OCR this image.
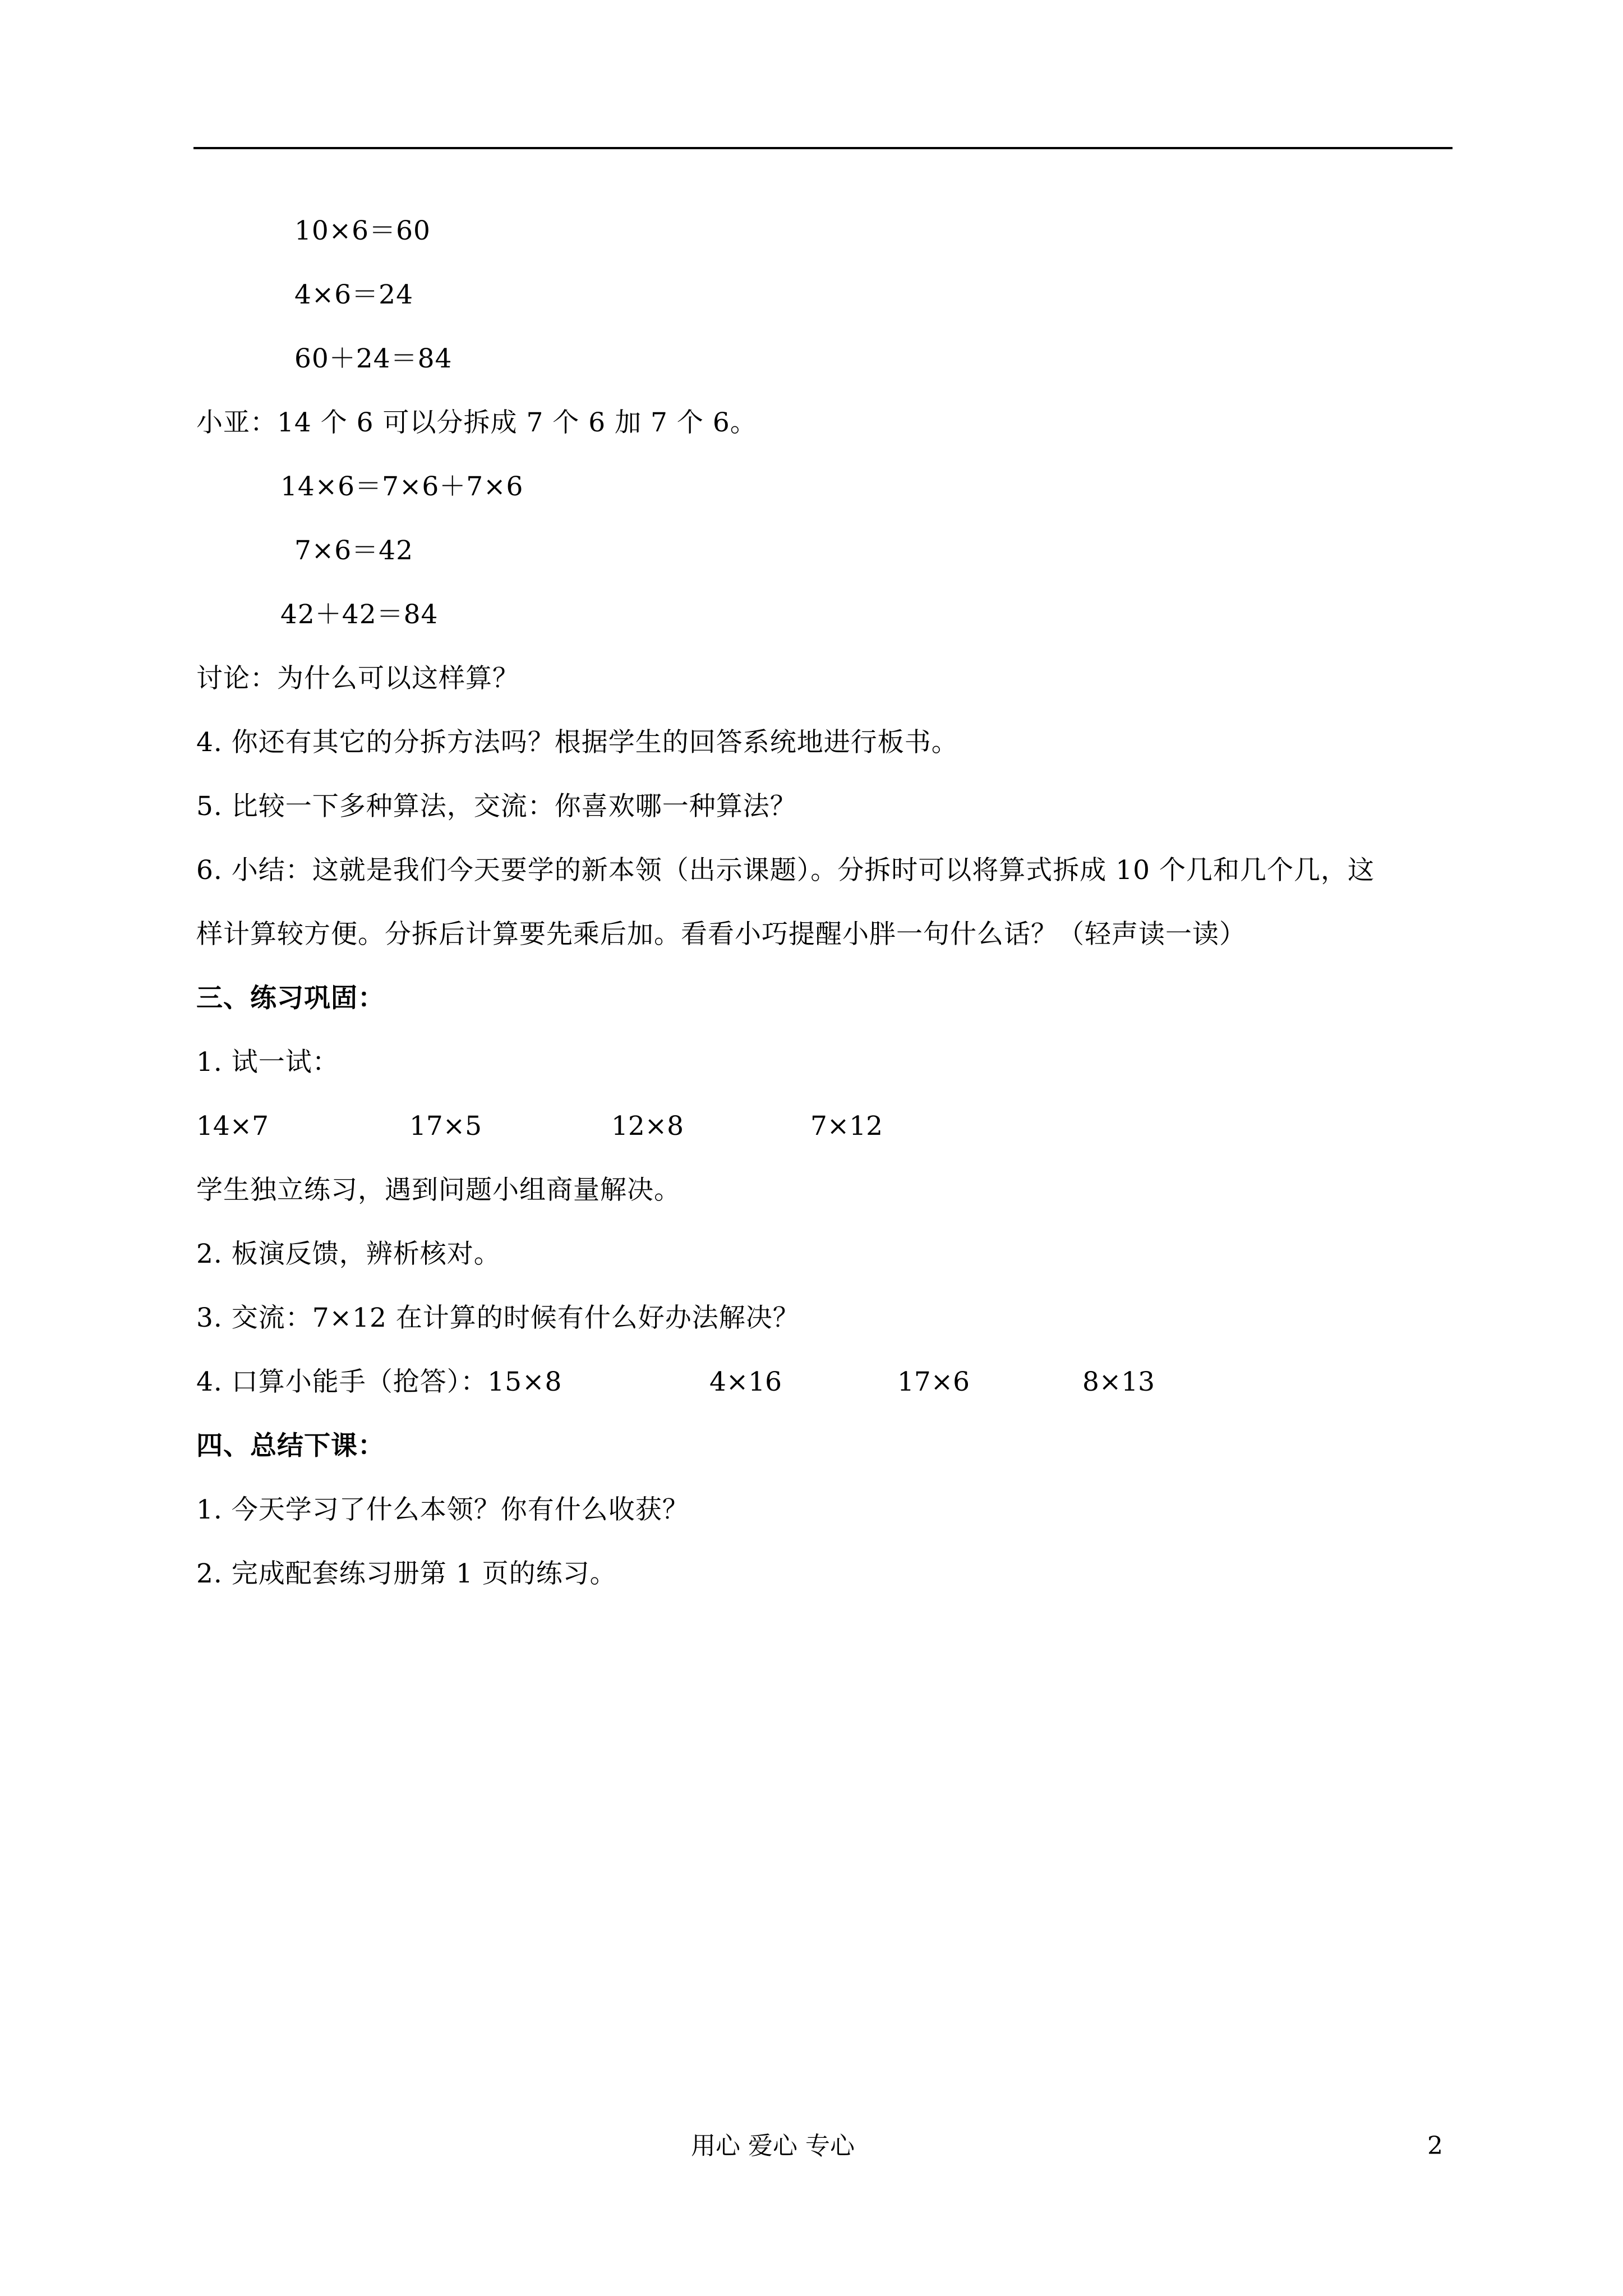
10×6＝60
4×6＝24
60＋24＝84
小亚：14 个 6 可以分拆成 7 个 6 加 7 个 6。
14×6＝7×6＋7×6
7×6＝42
42＋42＝84
讨论：为什么可以这样算？
4. 你还有其它的分拆方法吗？根据学生的回答系统地进行板书。
5. 比较一下多种算法，交流：你喜欢哪一种算法？
6. 小结：这就是我们今天要学的新本领（出示课题）。分拆时可以将算式拆成 10 个几和几个几，这
样计算较方便。分拆后计算要先乘后加。看看小巧提醒小胖一句什么话？（轻声读一读）
三、练习巩固：
1. 试一试：
14×7	17×5	12×8	7×12
学生独立练习，遇到问题小组商量解决。
2. 板演反馈，辨析核对。
3. 交流：7×12 在计算的时候有什么好办法解决？
4. 口算小能手（抢答）：15×8	4×16	17×6	8×13
四、总结下课：
1. 今天学习了什么本领？你有什么收获？
2. 完成配套练习册第 1 页的练习。
用心 爱心 专心	2
